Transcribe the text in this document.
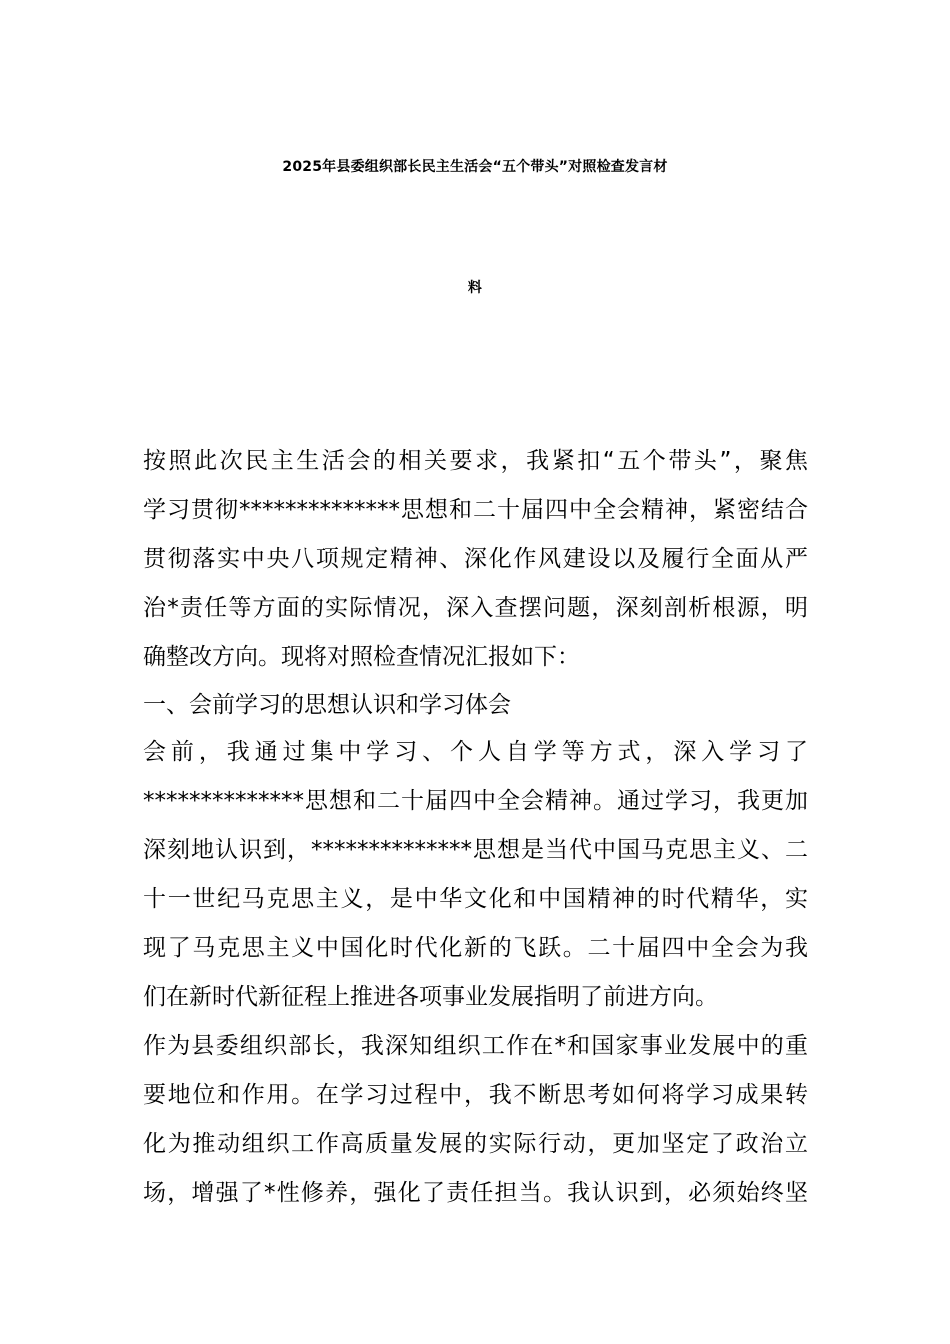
2025年县委组织部长民主生活会“五个带头”对照检查发言材
料
按照此次民主生活会的相关要求，我紧扣“五个带头”，聚焦
学习贯彻**************思想和二十届四中全会精神，紧密结合
贯彻落实中央八项规定精神、深化作风建设以及履行全面从严
治*责任等方面的实际情况，深入查摆问题，深刻剖析根源，明
确整改方向。现将对照检查情况汇报如下：
一、会前学习的思想认识和学习体会
会前，我通过集中学习、个人自学等方式，深入学习了
**************思想和二十届四中全会精神。通过学习，我更加
深刻地认识到，**************思想是当代中国马克思主义、二
十一世纪马克思主义，是中华文化和中国精神的时代精华，实
现了马克思主义中国化时代化新的飞跃。二十届四中全会为我
们在新时代新征程上推进各项事业发展指明了前进方向。
作为县委组织部长，我深知组织工作在*和国家事业发展中的重
要地位和作用。在学习过程中，我不断思考如何将学习成果转
化为推动组织工作高质量发展的实际行动，更加坚定了政治立
场，增强了*性修养，强化了责任担当。我认识到，必须始终坚
